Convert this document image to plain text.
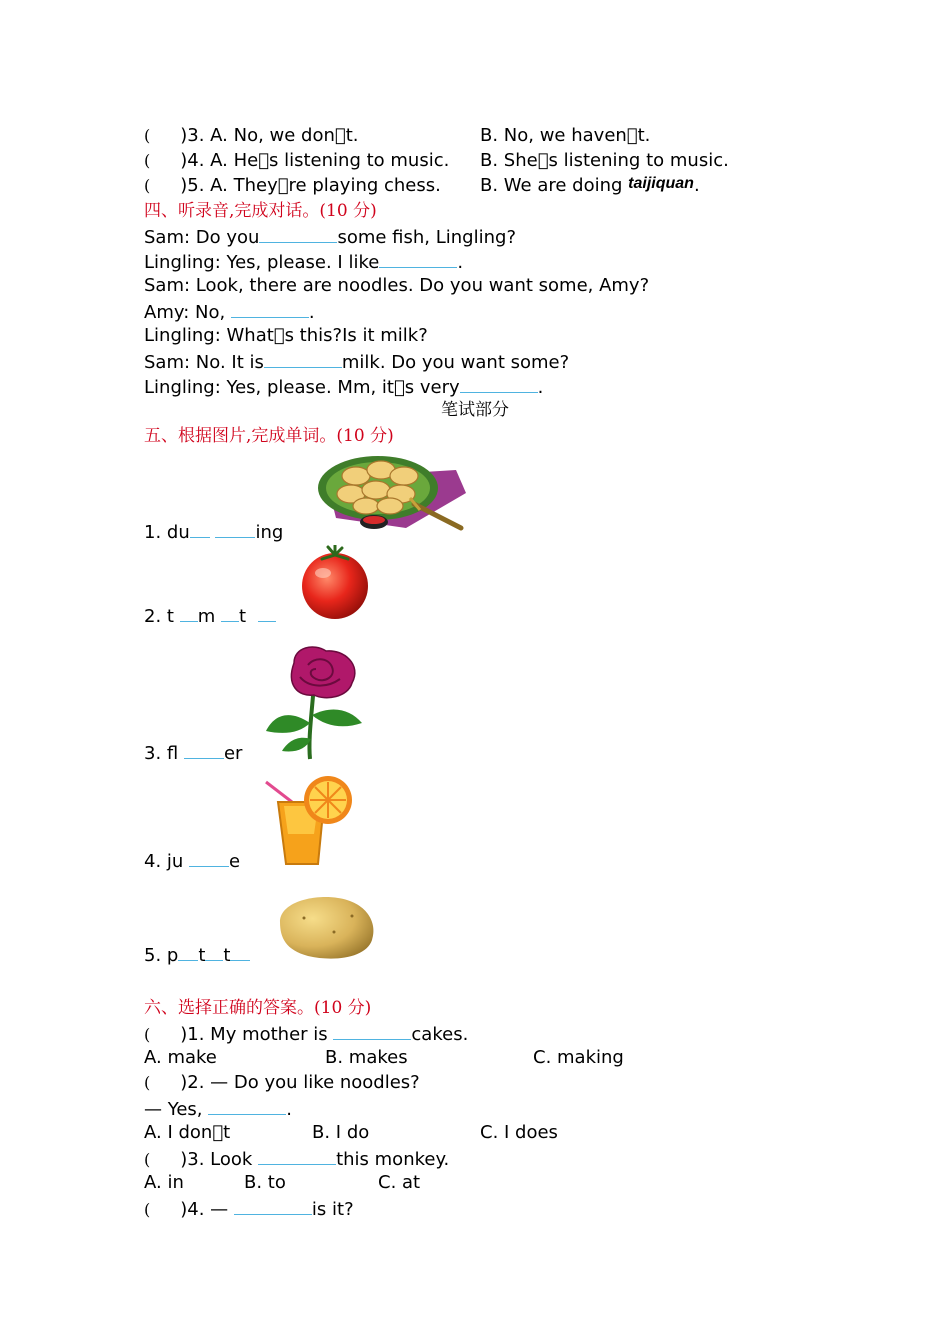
( )3. A. No, we don t.	B. No, we haven t.
( )4. A. He s listening to music. B. She s listening to music.
( )5. A. They re playing chess. B. We are doing taijiquan.
四、听录音,完成对话。(10 分)
Sam: Do you	some fish, Lingling?
Lingling: Yes, please. I like	.
Sam: Look, there are noodles. Do you want some, Amy?
Amy: No,	.
Lingling: What s this?Is it milk?
Sam: No. It is	milk. Do you want some?
Lingling: Yes, please. Mm, it s very	.
笔试部分
五、根据图片,完成单词。(10 分)
1. du	ing
2. t m t
3. fl	er
4. ju	e
5. p t t
六、选择正确的答案。(10 分)
( )1. My mother is	cakes.
A. make	B. makes	C. making
( )2. — Do you like noodles?
— Yes,	.
A. I don t	B. I do	C. I does
( )3. Look	this monkey.
A. in	B. to	C. at
( )4. —	is it?
